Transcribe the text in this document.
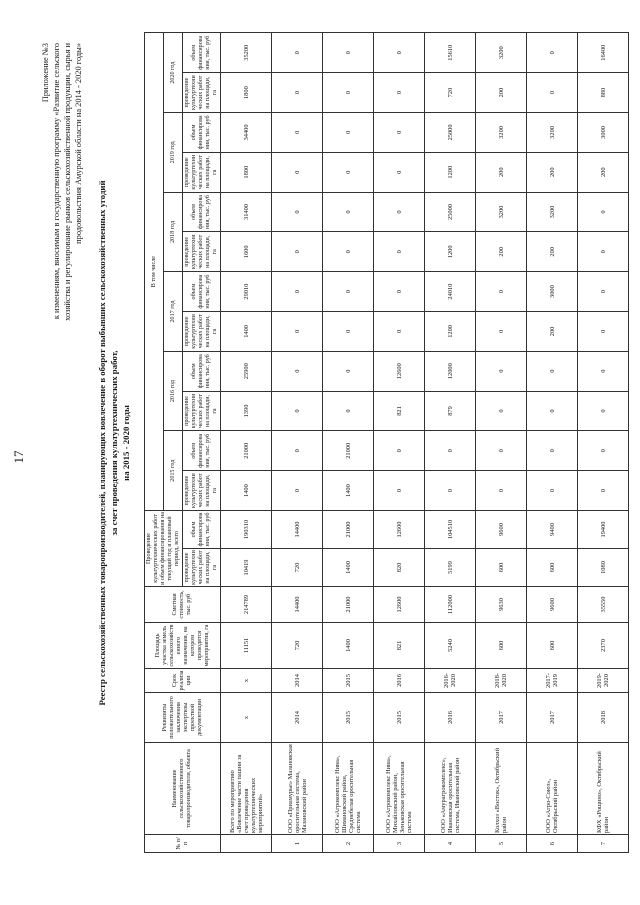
17
Приложение №3 к изменениям, вносимым в государственную программу «Развитие сельского хозяйства и регулирование рынков сельскохозяйственной продукции, сырья и продовольствия Амурской области на 2014 - 2020 годы»
Реестр сельскохозяйственных товаропроизводителей, планирующих вовлечение в оборот выбывших сельскохозяйственных угодий за счет проведения культуртехнических работ, на 2015 - 2020 годы
№ п/п	Наименование сельскохозяйственного товаропроизводителя, объекта	Реквизиты положительного заключения экспертизы проектной документации	Срок реализации	Площадь участка земель сельскохозяйственного назначения, на котором проводятся мероприятия, га	Сметная стоимость, тыс. руб	Проведение культуртехнических работ и объем финансирования на текущий год и плановый период, всего		В том числе											
								2015 год		2016 год		2017 год		2018 год		2019 год		2020 год	
						проведение культуртехнических работ на площади, га	объем финансирования, тыс. руб	проведение культуртехнических работ на площади, га	объем финансирования, тыс. руб	проведение культуртехнических работ на площади, га	объем финансирования, тыс. руб	проведение культуртехнических работ на площади, га	объем финансирования, тыс. руб	проведение культуртехнических работ на площади, га	объем финансирования, тыс. руб	проведение культуртехнических работ на площади, га	объем финансирования, тыс. руб	проведение культуртехнических работ на площади, га	объем финансирования, тыс. руб
	Всего по мероприятию «Вовлечение части пашни за счет проведения культуртехнических мероприятий»	х	х	11151	214789	10419	190310	1400	21000	1390	25900	1400	29010	1600	31400	1800	34400	1800	35200
1	ООО «Приамурье» Мазановская оросительная система, Мазановский район	2014	2014	720	14400	720	14400	0	0	0	0	0	0	0	0	0	0	0	0
2	ООО «Агрокомплекс Нива», Шимановский район, Среднебелая оросительная система	2015	2015	1400	21000	1400	21000	1400	21000	0	0	0	0	0	0	0	0	0	0
3	ООО «Агрокомплекс Нива», Михайловский район, Зеньковская оросительная система	2015	2016	821	12600	820	12600	0	0	821	12600	0	0	0	0	0	0	0	0
4	ООО «Амурагрокомплекс», Ивановская оросительная система, Ивановский район	2016	2016-2020	5240	112000	5199	104510	0	0	879	12000	1200	24010	1200	25000	1200	25000	720	15610
5	Колхоз «Восток», Октябрьский район	2017	2018-2020	600	9630	600	9600	0	0	0	0	0	0	200	3200	200	3200	200	3200
6	ООО «Агро-Союз», Октябрьский район	2017	2017-2019	600	9600	600	9400	0	0	0	0	200	3000	200	3200	200	3200	0	0
7	КФХ «Рощино», Октябрьский район	2018	2019-2020	2370	35550	1080	19400	0	0	0	0	0	0	0	0	200	3000	880	16400
